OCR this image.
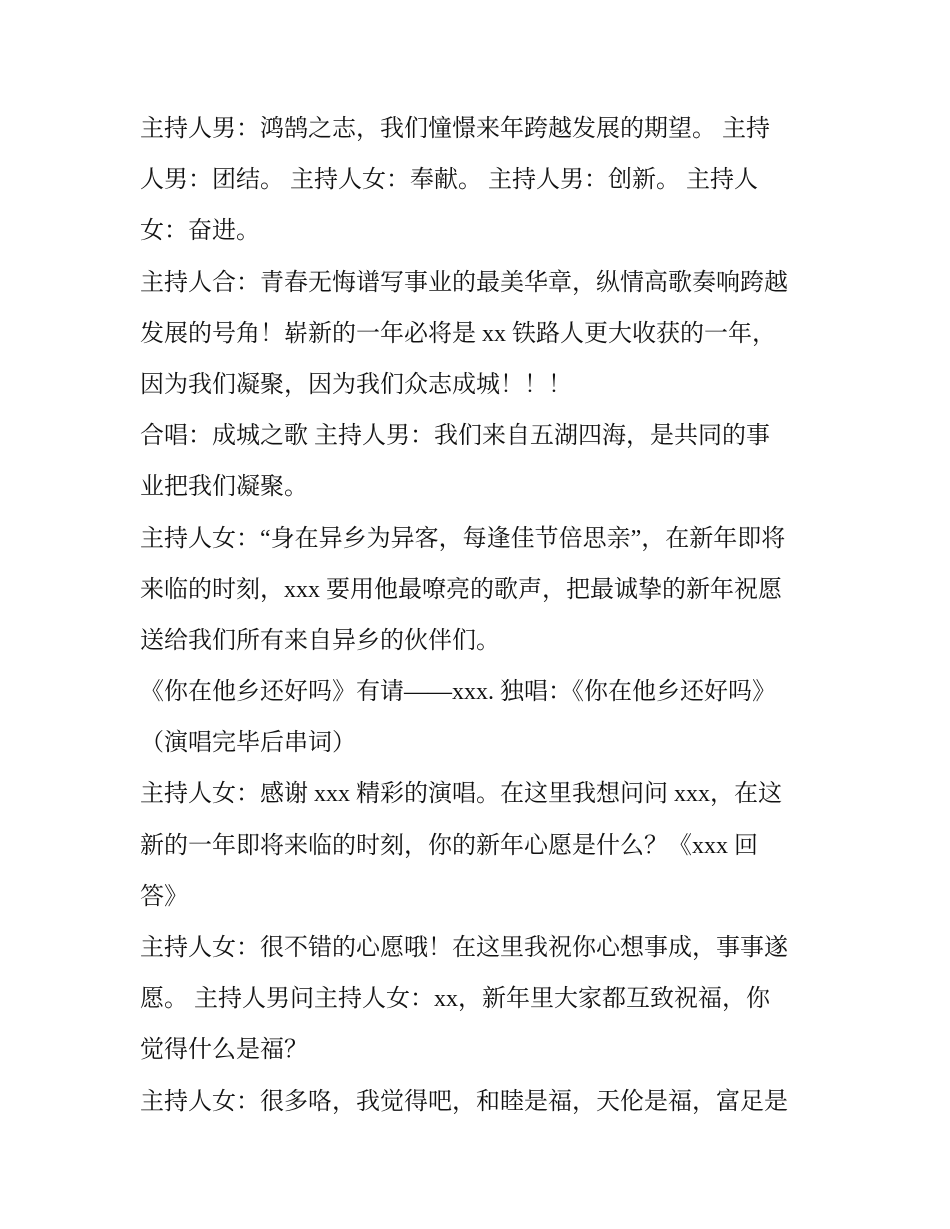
主持人男：鸿鹄之志，我们憧憬来年跨越发展的期望。 主持
人男：团结。 主持人女：奉献。 主持人男：创新。 主持人
女：奋进。
主持人合：青春无悔谱写事业的最美华章，纵情高歌奏响跨越
发展的号角！崭新的一年必将是 xx 铁路人更大收获的一年，
因为我们凝聚，因为我们众志成城！！！
合唱：成城之歌 主持人男：我们来自五湖四海，是共同的事
业把我们凝聚。
主持人女：“身在异乡为异客，每逢佳节倍思亲”，在新年即将
来临的时刻，xxx 要用他最嘹亮的歌声，把最诚挚的新年祝愿
送给我们所有来自异乡的伙伴们。
《你在他乡还好吗》有请——xxx. 独唱：《你在他乡还好吗》
（演唱完毕后串词）
主持人女：感谢 xxx 精彩的演唱。在这里我想问问 xxx，在这
新的一年即将来临的时刻，你的新年心愿是什么？《xxx 回
答》
主持人女：很不错的心愿哦！在这里我祝你心想事成，事事遂
愿。 主持人男问主持人女：xx，新年里大家都互致祝福，你
觉得什么是福？
主持人女：很多咯，我觉得吧，和睦是福，天伦是福，富足是
